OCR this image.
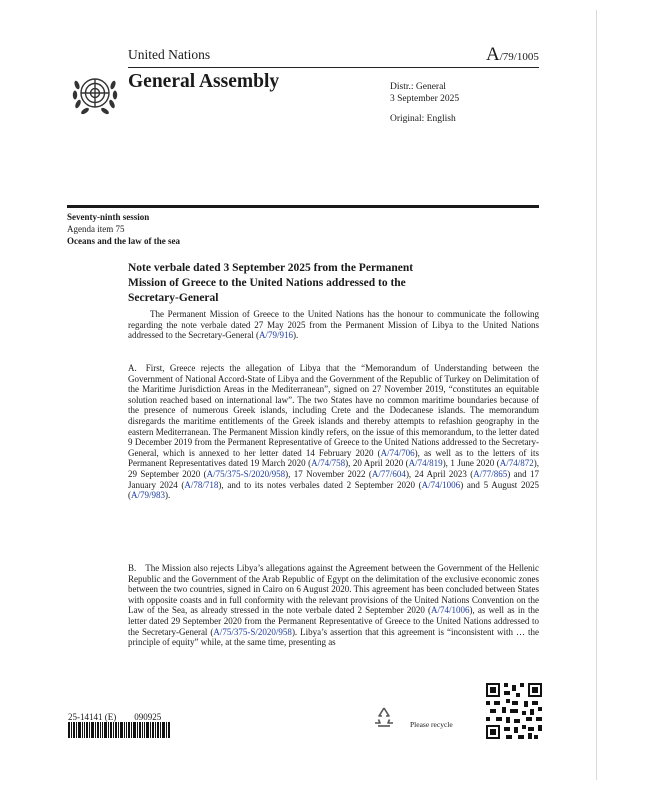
United Nations	A/79/1005
General Assembly	Distr.: General
3 September 2025
Original: English
Seventy-ninth session
Agenda item 75
Oceans and the law of the sea
Note verbale dated 3 September 2025 from the Permanent Mission of Greece to the United Nations addressed to the Secretary-General
The Permanent Mission of Greece to the United Nations has the honour to communicate the following regarding the note verbale dated 27 May 2025 from the Permanent Mission of Libya to the United Nations addressed to the Secretary-General (A/79/916).
A. First, Greece rejects the allegation of Libya that the “Memorandum of Understanding between the Government of National Accord-State of Libya and the Government of the Republic of Turkey on Delimitation of the Maritime Jurisdiction Areas in the Mediterranean”, signed on 27 November 2019, “constitutes an equitable solution reached based on international law”. The two States have no common maritime boundaries because of the presence of numerous Greek islands, including Crete and the Dodecanese islands. The memorandum disregards the maritime entitlements of the Greek islands and thereby attempts to refashion geography in the eastern Mediterranean. The Permanent Mission kindly refers, on the issue of this memorandum, to the letter dated 9 December 2019 from the Permanent Representative of Greece to the United Nations addressed to the Secretary-General, which is annexed to her letter dated 14 February 2020 (A/74/706), as well as to the letters of its Permanent Representatives dated 19 March 2020 (A/74/758), 20 April 2020 (A/74/819), 1 June 2020 (A/74/872), 29 September 2020 (A/75/375-S/2020/958), 17 November 2022 (A/77/604), 24 April 2023 (A/77/865) and 17 January 2024 (A/78/718), and to its notes verbales dated 2 September 2020 (A/74/1006) and 5 August 2025 (A/79/983).
B. The Mission also rejects Libya’s allegations against the Agreement between the Government of the Hellenic Republic and the Government of the Arab Republic of Egypt on the delimitation of the exclusive economic zones between the two countries, signed in Cairo on 6 August 2020. This agreement has been concluded between States with opposite coasts and in full conformity with the relevant provisions of the United Nations Convention on the Law of the Sea, as already stressed in the note verbale dated 2 September 2020 (A/74/1006), as well as in the letter dated 29 September 2020 from the Permanent Representative of Greece to the United Nations addressed to the Secretary-General (A/75/375-S/2020/958). Libya’s assertion that this agreement is “inconsistent with … the principle of equity” while, at the same time, presenting as
25-14141 (E)  090925
Please recycle
